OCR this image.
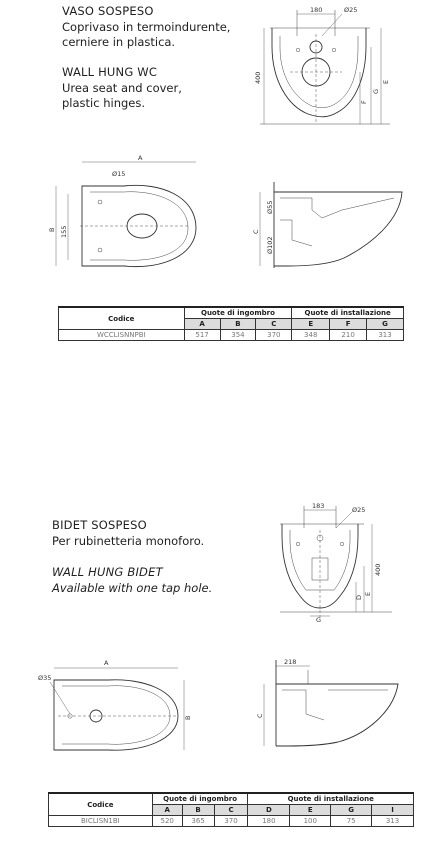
VASO SOSPESO
Coprivaso in termoindurente,
cerniere in plastica.
WALL HUNG WC
Urea seat and cover,
plastic hinges.
180	Ø25
400	E
G
F
A
Ø15
B 155	C
Ø55
Ø102
Codice	Quote di ingombro			Quote di installazione		
	A	B	C	E	F	G
WCCLISNNPBI	517	354	370	348	210	313
BIDET SOSPESO
Per rubinetteria monoforo.
WALL HUNG BIDET
Available with one tap hole.
183	Ø25
400
E
D
G
A
Ø35
B
218
C
Codice	Quote di ingombro			Quote di installazione			
	A	B	C	D	E	G	I
BICLISN1BI	520	365	370	180	100	75	313
